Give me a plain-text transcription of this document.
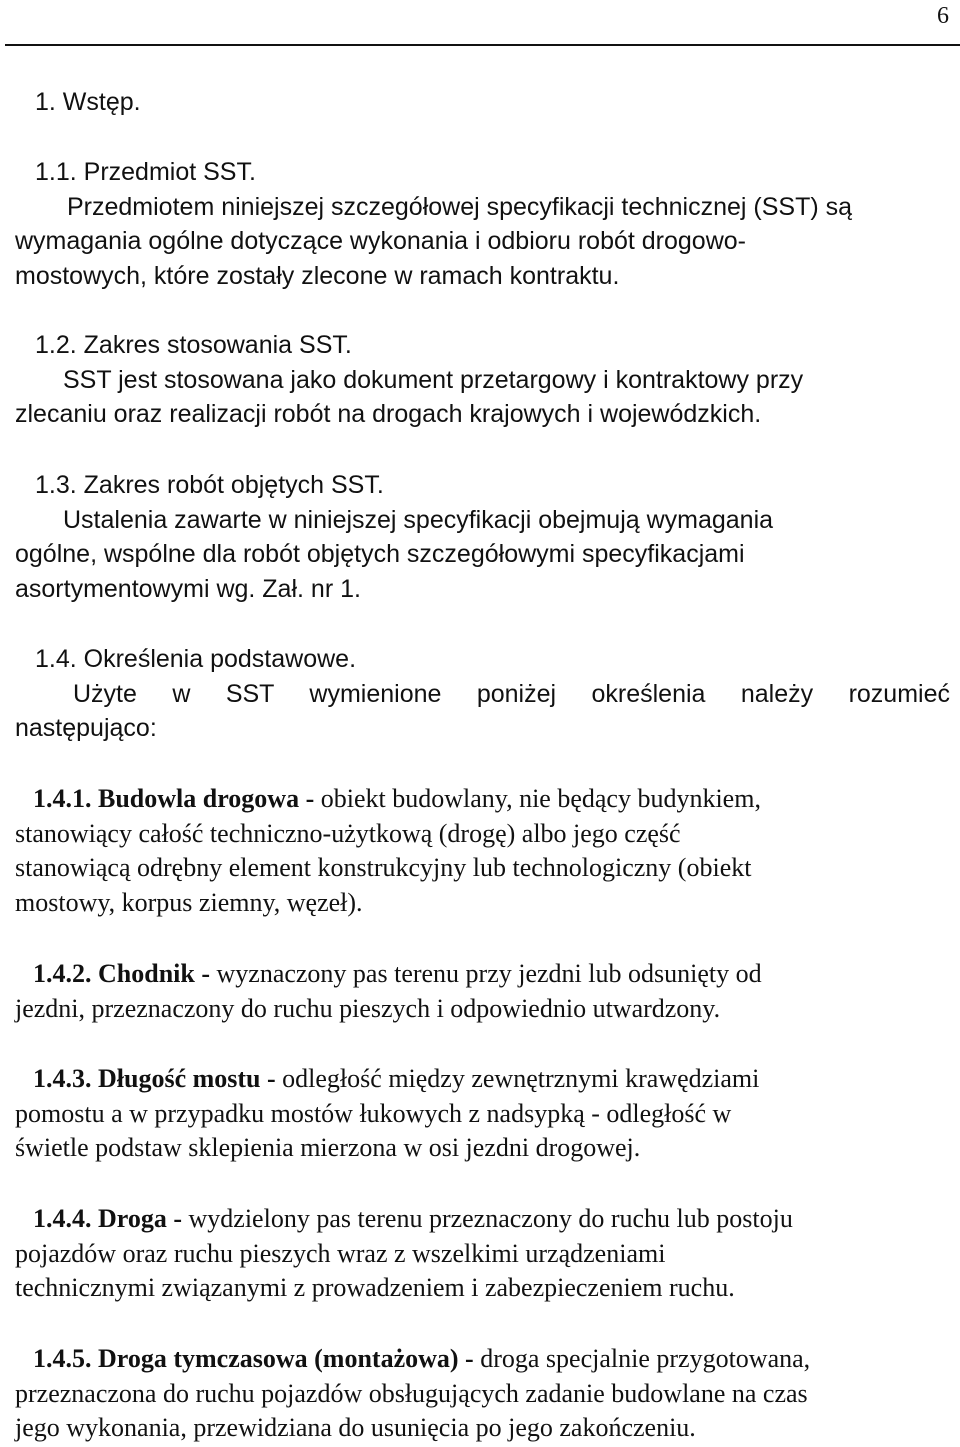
6
1. Wstęp.
1.1. Przedmiot SST.
Przedmiotem niniejszej szczegółowej specyfikacji technicznej (SST) są
wymagania ogólne dotyczące wykonania i odbioru robót drogowo-
mostowych, które zostały zlecone w ramach kontraktu.
1.2. Zakres stosowania SST.
SST jest stosowana jako dokument przetargowy i kontraktowy przy
zlecaniu oraz realizacji robót na drogach krajowych i wojewódzkich.
1.3. Zakres robót objętych SST.
Ustalenia zawarte w niniejszej specyfikacji obejmują wymagania
ogólne, wspólne dla robót objętych szczegółowymi specyfikacjami
asortymentowymi wg. Zał. nr 1.
1.4. Określenia podstawowe.
Użyte w SST wymienione poniżej określenia należy rozumieć
następująco:
1.4.1. Budowla drogowa - obiekt budowlany, nie będący budynkiem,
stanowiący całość techniczno-użytkową (drogę) albo jego część
stanowiącą odrębny element konstrukcyjny lub technologiczny (obiekt
mostowy, korpus ziemny, węzeł).
1.4.2. Chodnik - wyznaczony pas terenu przy jezdni lub odsunięty od
jezdni, przeznaczony do ruchu pieszych i odpowiednio utwardzony.
1.4.3. Długość mostu - odległość między zewnętrznymi krawędziami
pomostu a w przypadku mostów łukowych z nadsypką - odległość w
świetle podstaw sklepienia mierzona w osi jezdni drogowej.
1.4.4. Droga - wydzielony pas terenu przeznaczony do ruchu lub postoju
pojazdów oraz ruchu pieszych wraz z wszelkimi urządzeniami
technicznymi związanymi z prowadzeniem i zabezpieczeniem ruchu.
1.4.5. Droga tymczasowa (montażowa) - droga specjalnie przygotowana,
przeznaczona do ruchu pojazdów obsługujących zadanie budowlane na czas
jego wykonania, przewidziana do usunięcia po jego zakończeniu.
